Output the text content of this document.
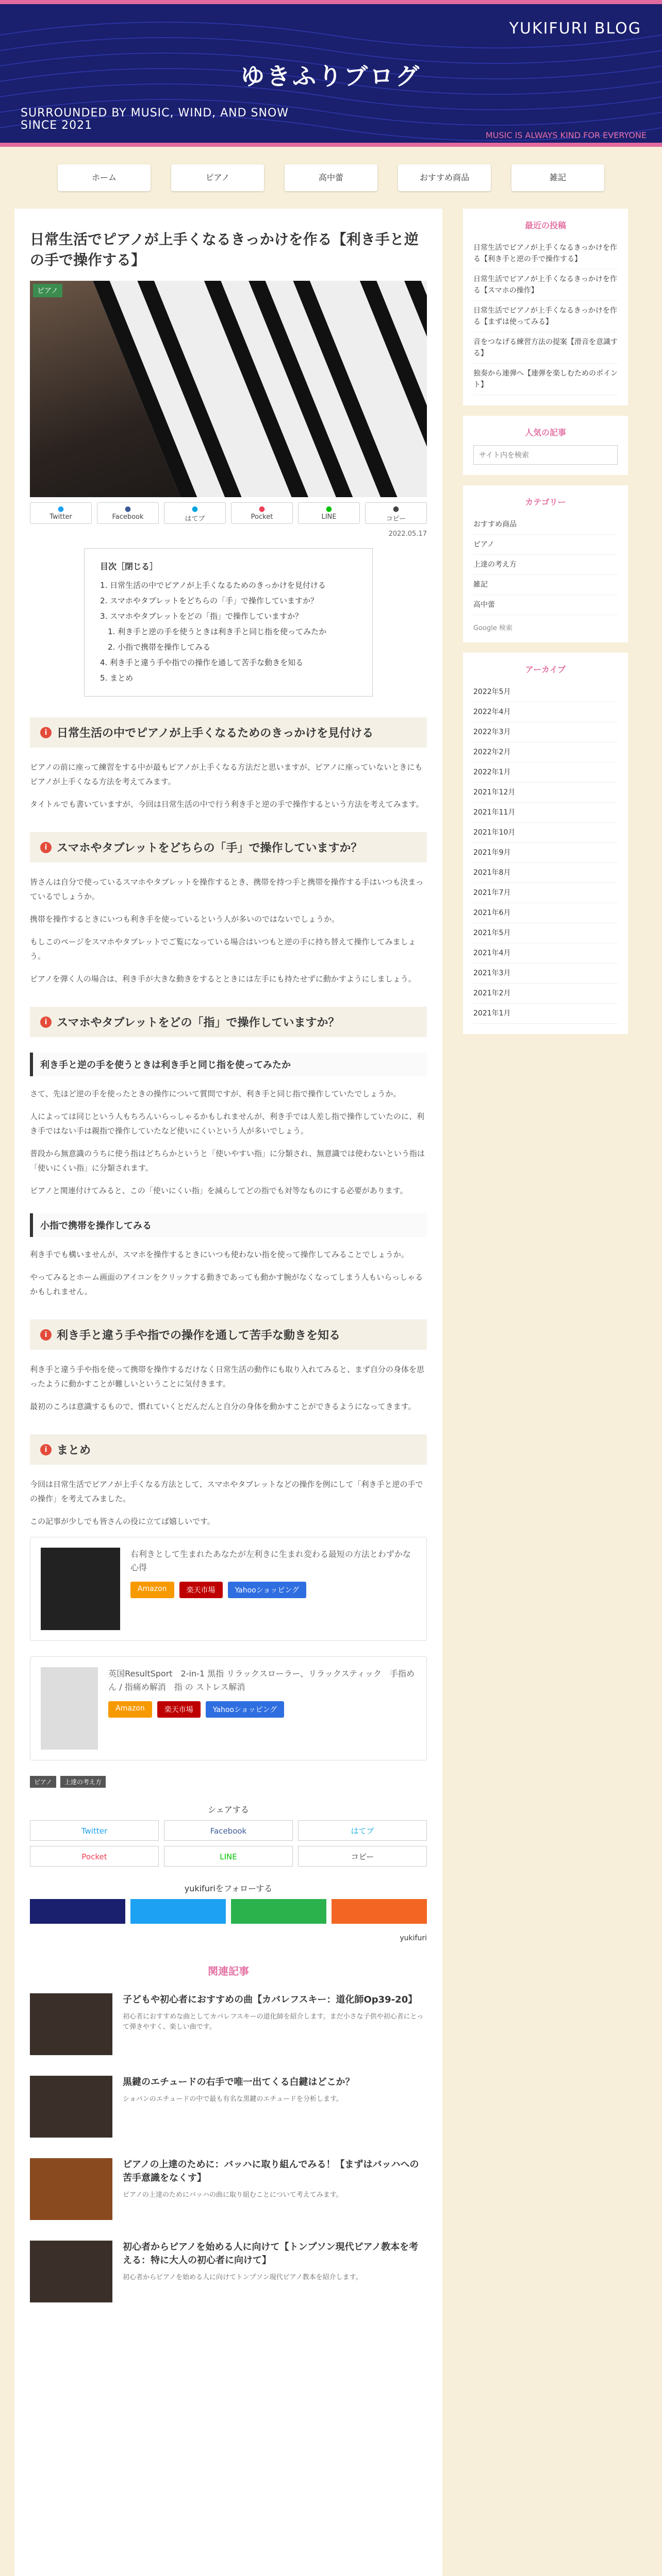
YUKIFURI BLOG
ゆきふりブログ
SURROUNDED BY MUSIC, WIND, AND SNOW
SINCE 2021
MUSIC IS ALWAYS KIND FOR EVERYONE
ホーム	ピアノ	高中蕾	おすすめ商品	雑記
日常生活でピアノが上手くなるきっかけを作る【利き手と逆の手で操作する】
ピアノ
●
Twitter
●
Facebook
●
はてブ
●
Pocket
●
LINE
●
コピー
2022.05.17
目次［閉じる］
1. 日常生活の中でピアノが上手くなるためのきっかけを見付ける
2. スマホやタブレットをどちらの「手」で操作していますか？
3. スマホやタブレットをどの「指」で操作していますか？
　1. 利き手と逆の手を使うときは利き手と同じ指を使ってみたか
　2. 小指で携帯を操作してみる
4. 利き手と違う手や指での操作を通して苦手な動きを知る
5. まとめ
i 日常生活の中でピアノが上手くなるためのきっかけを見付ける

ピアノの前に座って練習をする中が最もピアノが上手くなる方法だと思いますが、ピアノに座っていないときにもピアノが上手くなる方法を考えてみます。

タイトルでも書いていますが、今回は日常生活の中で行う利き手と逆の手で操作するという方法を考えてみます。

i スマホやタブレットをどちらの「手」で操作していますか？

皆さんは自分で使っているスマホやタブレットを操作するとき、携帯を持つ手と携帯を操作する手はいつも決まっているでしょうか。

携帯を操作するときにいつも利き手を使っているという人が多いのではないでしょうか。

もしこのページをスマホやタブレットでご覧になっている場合はいつもと逆の手に持ち替えて操作してみましょう。

ピアノを弾く人の場合は、利き手が大きな動きをするとときには左手にも持たせずに動かすようにしましょう。

i スマホやタブレットをどの「指」で操作していますか？
利き手と逆の手を使うときは利き手と同じ指を使ってみたか

さて、先ほど逆の手を使ったときの操作について質問ですが、利き手と同じ指で操作していたでしょうか。

人によっては同じという人もちろんいらっしゃるかもしれませんが、利き手では人差し指で操作していたのに、利き手ではない手は親指で操作していたなど使いにくいという人が多いでしょう。

普段から無意識のうちに使う指はどちらかというと「使いやすい指」に分類され、無意識では使わないという指は「使いにくい指」に分類されます。

ピアノと関連付けてみると、この「使いにくい指」を減らしてどの指でも対等なものにする必要があります。

小指で携帯を操作してみる

利き手でも構いませんが、スマホを操作するときにいつも使わない指を使って操作してみることでしょうか。

やってみるとホーム画面のアイコンをクリックする動きであっても動かす腕がなくなってしまう人もいらっしゃるかもしれません。

i 利き手と違う手や指での操作を通して苦手な動きを知る

利き手と違う手や指を使って携帯を操作するだけなく日常生活の動作にも取り入れてみると、まず自分の身体を思ったように動かすことが難しいということに気付きます。

最初のころは意識するもので、慣れていくとだんだんと自分の身体を動かすことができるようになってきます。

i まとめ

今回は日常生活でピアノが上手くなる方法として、スマホやタブレットなどの操作を例にして「利き手と逆の手での操作」を考えてみました。

この記事が少しでも皆さんの役に立てば嬉しいです。

右利きとして生まれたあなたが左利きに生まれ変わる最短の方法とわずかな心得
Amazon	楽天市場	Yahooショッピング
英国ResultSport　2-in-1 黒指 リラックスローラー、リラックスティック　手指めん / 指痛め解消　指 の ストレス解消
Amazon	楽天市場	Yahooショッピング
ピアノ	上達の考え方
シェアする
Twitter	Facebook	はてブ
Pocket	LINE	コピー
yukifuriをフォローする
yukifuri
関連記事
子どもや初心者におすすめの曲【カバレフスキー：道化師Op39-20】
初心者におすすめな曲としてカバレフスキーの道化師を紹介します。まだ小さな子供や初心者にとって弾きやすく、楽しい曲です。
黒鍵のエチュードの右手で唯一出てくる白鍵はどこか？
ショパンのエチュードの中で最も有名な黒鍵のエチュードを分析します。
ピアノの上達のために：バッハに取り組んでみる！【まずはバッハへの苦手意識をなくす】
ピアノの上達のためにバッハの曲に取り組むことについて考えてみます。
初心者からピアノを始める人に向けて【トンプソン現代ピアノ教本を考える：特に大人の初心者に向けて】
初心者からピアノを始める人に向けてトンプソン現代ピアノ教本を紹介します。
最近の投稿
日常生活でピアノが上手くなるきっかけを作る【利き手と逆の手で操作する】
日常生活でピアノが上手くなるきっかけを作る【スマホの操作】
日常生活でピアノが上手くなるきっかけを作る【まずは使ってみる】
音をつなげる練習方法の提案【滑音を意識する】
独奏から連弾へ【連弾を楽しむためのポイント】
人気の記事
サイト内を検索
カテゴリー
おすすめ商品
ピアノ
上達の考え方
雑記
高中蕾
Google 検索
アーカイブ
2022年5月
2022年4月
2022年3月
2022年2月
2022年1月
2021年12月
2021年11月
2021年10月
2021年9月
2021年8月
2021年7月
2021年6月
2021年5月
2021年4月
2021年3月
2021年2月
2021年1月
